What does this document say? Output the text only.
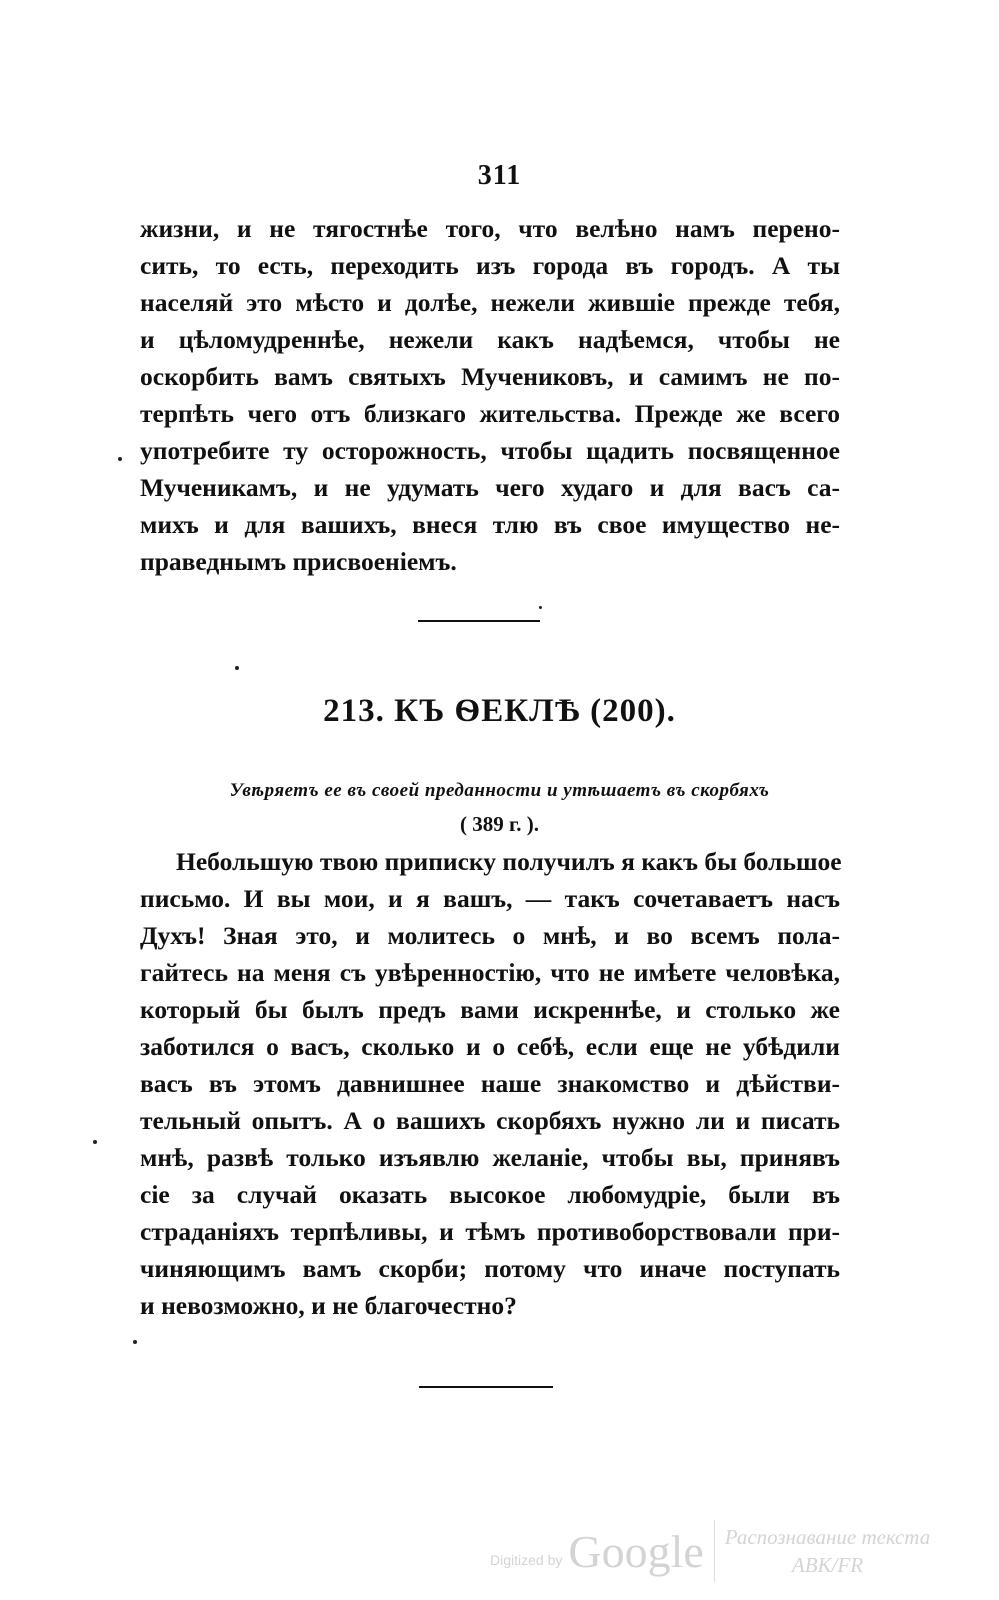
311
жизни, и не тягостнѣе того, что велѣно намъ перено-
сить, то есть, переходить изъ города въ городъ. А ты
населяй это мѣсто и долѣе, нежели жившіе прежде тебя,
и цѣломудреннѣе, нежели какъ надѣемся, чтобы не
оскорбить вамъ святыхъ Мучениковъ, и самимъ не по-
терпѣть чего отъ близкаго жительства. Прежде же всего
употребите ту осторожность, чтобы щадить посвященное
Мученикамъ, и не удумать чего худаго и для васъ са-
михъ и для вашихъ, внеся тлю въ свое имущество не-
праведнымъ присвоеніемъ.
213. КЪ ѲЕКЛѢ (200).
Увѣряетъ ее въ своей преданности и утѣшаетъ въ скорбяхъ
( 389 г. ).
Небольшую твою приписку получилъ я какъ бы большое
письмо. И вы мои, и я вашъ, — такъ сочетаваетъ насъ
Духъ! Зная это, и молитесь о мнѣ, и во всемъ пола-
гайтесь на меня съ увѣренностію, что не имѣете человѣка,
который бы былъ предъ вами искреннѣе, и столько же
заботился о васъ, сколько и о себѣ, если еще не убѣдили
васъ въ этомъ давнишнее наше знакомство и дѣйстви-
тельный опытъ. А о вашихъ скорбяхъ нужно ли и писать
мнѣ, развѣ только изъявлю желаніе, чтобы вы, принявъ
сіе за случай оказать высокое любомудріе, были въ
страданіяхъ терпѣливы, и тѣмъ противоборствовали при-
чиняющимъ вамъ скорби; потому что иначе поступать
и невозможно, и не благочестно?
Digitized by Google Распознавание текста
ABK/FR
